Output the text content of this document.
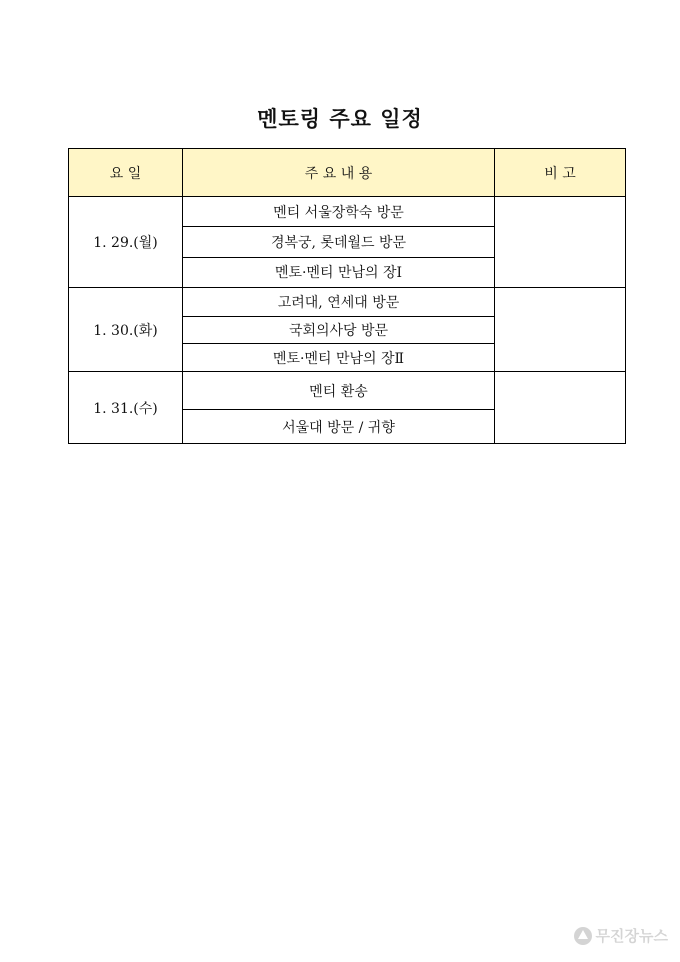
멘토링 주요 일정
요 일	주 요 내 용	비 고
1. 29.(월)	멘티 서울장학숙 방문	
	경복궁, 롯데월드 방문	
	멘토·멘티 만남의 장Ⅰ	
1. 30.(화)	고려대, 연세대 방문	
	국회의사당 방문	
	멘토·멘티 만남의 장Ⅱ	
1. 31.(수)	멘티 환송	
	서울대 방문 / 귀향	
무진장뉴스
